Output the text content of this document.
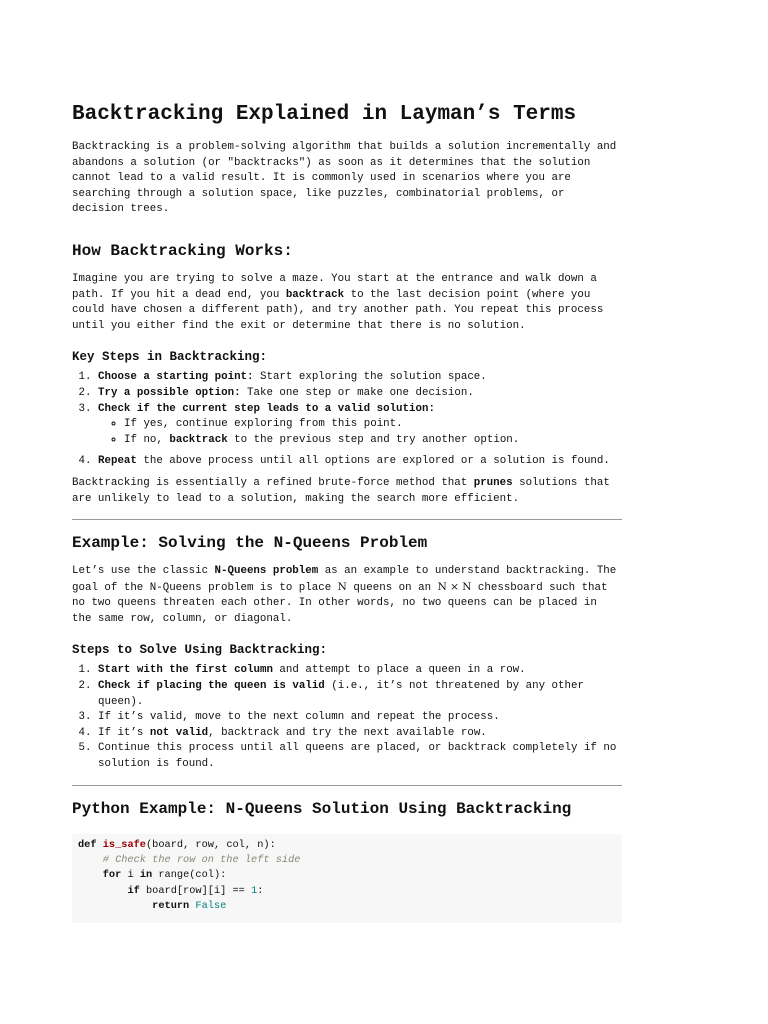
Backtracking Explained in Layman’s Terms

Backtracking is a problem-solving algorithm that builds a solution incrementally and abandons a solution (or "backtracks") as soon as it determines that the solution cannot lead to a valid result. It is commonly used in scenarios where you are searching through a solution space, like puzzles, combinatorial problems, or decision trees.

How Backtracking Works:

Imagine you are trying to solve a maze. You start at the entrance and walk down a path. If you hit a dead end, you backtrack to the last decision point (where you could have chosen a different path), and try another path. You repeat this process until you either find the exit or determine that there is no solution.

Key Steps in Backtracking:
1. Choose a starting point: Start exploring the solution space.
2. Try a possible option: Take one step or make one decision.
3. Check if the current step leads to a valid solution:
◦ If yes, continue exploring from this point.
◦ If no, backtrack to the previous step and try another option.
4. Repeat the above process until all options are explored or a solution is found.

Backtracking is essentially a refined brute-force method that prunes solutions that are unlikely to lead to a solution, making the search more efficient.

Example: Solving the N-Queens Problem

Let’s use the classic N-Queens problem as an example to understand backtracking. The goal of the N-Queens problem is to place N queens on an N × N chessboard such that no two queens threaten each other. In other words, no two queens can be placed in the same row, column, or diagonal.

Steps to Solve Using Backtracking:
1. Start with the first column and attempt to place a queen in a row.
2. Check if placing the queen is valid (i.e., it’s not threatened by any other queen).
3. If it’s valid, move to the next column and repeat the process.
4. If it’s not valid, backtrack and try the next available row.
5. Continue this process until all queens are placed, or backtrack completely if no solution is found.
Python Example: N-Queens Solution Using Backtracking
def is_safe(board, row, col, n):
# Check the row on the left side
for i in range(col):
if board[row][i] == 1:
return False
